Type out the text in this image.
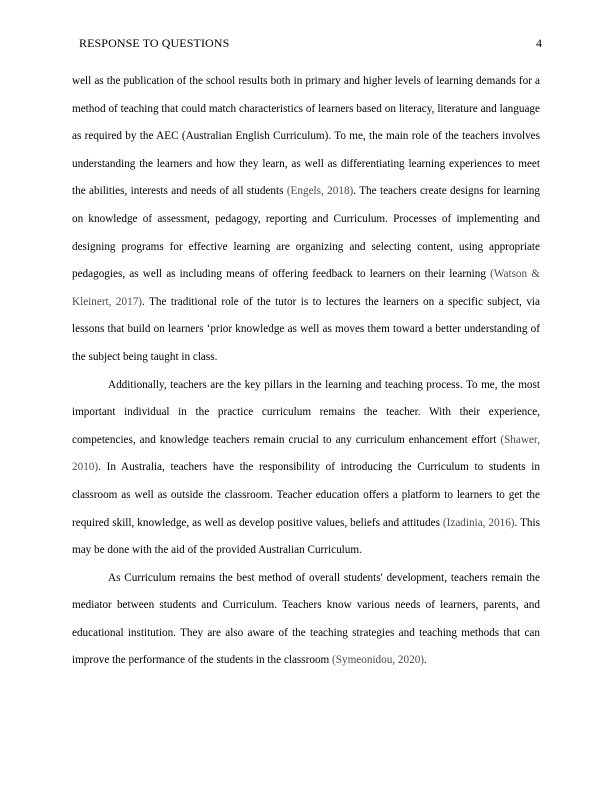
RESPONSE TO QUESTIONS	4

well as the publication of the school results both in primary and higher levels of learning demands for a method of teaching that could match characteristics of learners based on literacy, literature and language as required by the AEC (Australian English Curriculum). To me, the main role of the teachers involves understanding the learners and how they learn, as well as differentiating learning experiences to meet the abilities, interests and needs of all students (Engels, 2018). The teachers create designs for learning on knowledge of assessment, pedagogy, reporting and Curriculum. Processes of implementing and designing programs for effective learning are organizing and selecting content, using appropriate pedagogies, as well as including means of offering feedback to learners on their learning (Watson & Kleinert, 2017). The traditional role of the tutor is to lectures the learners on a specific subject, via lessons that build on learners ‘prior knowledge as well as moves them toward a better understanding of the subject being taught in class.

Additionally, teachers are the key pillars in the learning and teaching process. To me, the most important individual in the practice curriculum remains the teacher. With their experience, competencies, and knowledge teachers remain crucial to any curriculum enhancement effort (Shawer, 2010). In Australia, teachers have the responsibility of introducing the Curriculum to students in classroom as well as outside the classroom. Teacher education offers a platform to learners to get the required skill, knowledge, as well as develop positive values, beliefs and attitudes (Izadinia, 2016). This may be done with the aid of the provided Australian Curriculum.

As Curriculum remains the best method of overall students' development, teachers remain the mediator between students and Curriculum. Teachers know various needs of learners, parents, and educational institution. They are also aware of the teaching strategies and teaching methods that can improve the performance of the students in the classroom (Symeonidou, 2020).
